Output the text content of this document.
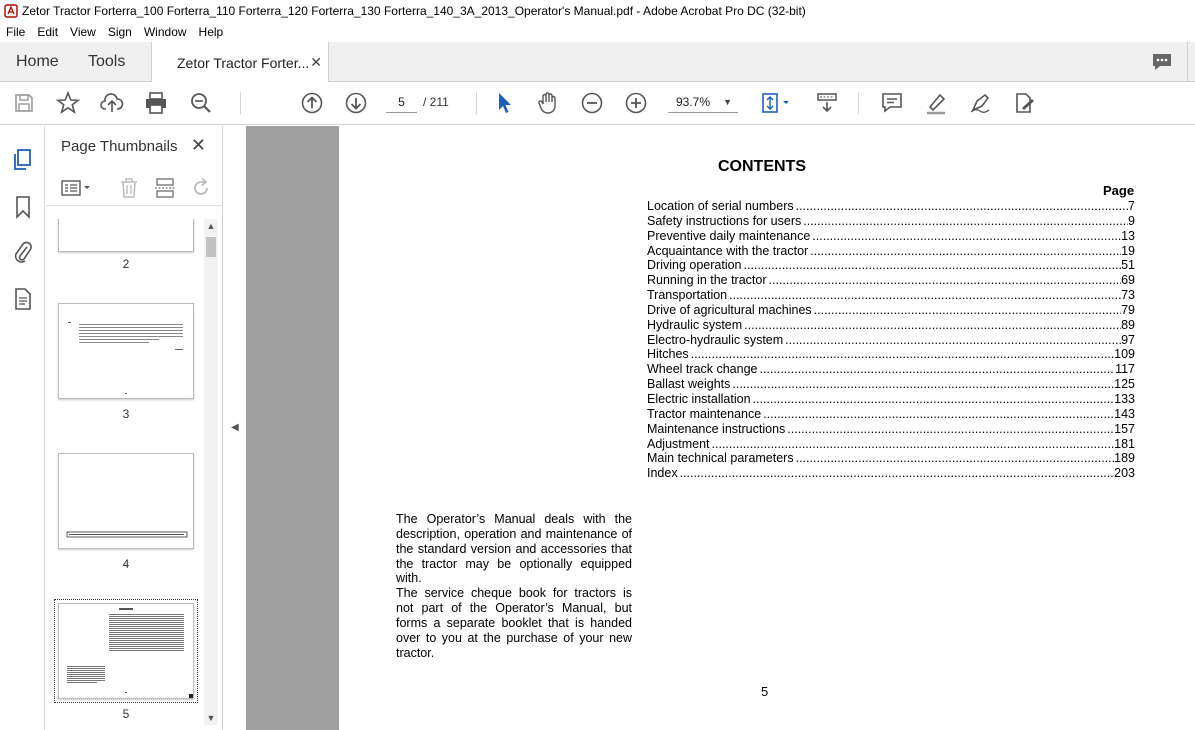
Zetor Tractor Forterra_100 Forterra_110 Forterra_120 Forterra_130 Forterra_140_3A_2013_Operator's Manual.pdf - Adobe Acrobat Pro DC (32-bit)
File Edit View Sign Window Help
Home Tools	Zetor Tractor Forter... ✕
5	/ 211	93.7% ▼
Page Thumbnails ✕
2
3
4
5
▲
▼
◀
CONTENTS
Page
Location of serial numbers .....	7
Safety instructions for users .....	9
Preventive daily maintenance .....	13
Acquaintance with the tractor .....	19
Driving operation .....	51
Running in the tractor .....	69
Transportation .....	73
Drive of agricultural machines .....	79
Hydraulic system .....	89
Electro-hydraulic system .....	97
Hitches .....	109
Wheel track change .....	117
Ballast weights .....	125
Electric installation .....	133
Tractor maintenance .....	143
Maintenance instructions .....	157
Adjustment .....	181
Main technical parameters .....	189
Index .....	203
The Operator’s Manual deals with the description, operation and maintenance of the standard version and accessories that the tractor may be optionally equipped with.
The service cheque book for tractors is not part of the Operator’s Manual, but forms a separate booklet that is handed over to you at the purchase of your new tractor.
5
